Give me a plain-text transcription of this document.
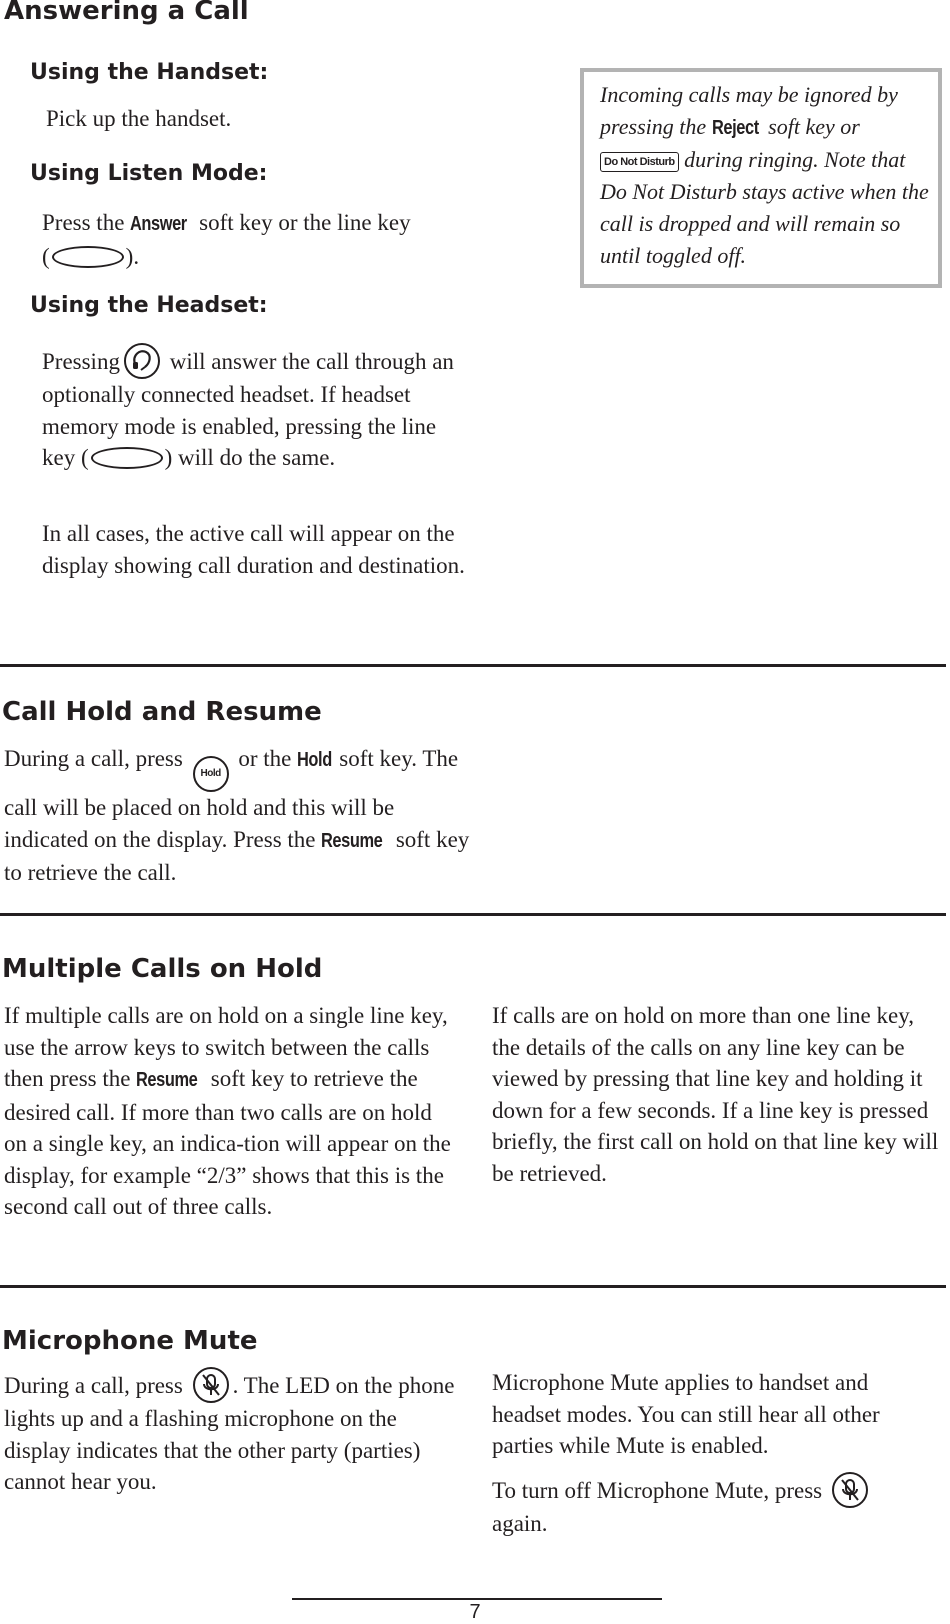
Answering a Call
Using the Handset:

Pick up the handset.

Using Listen Mode:

Press the Answer soft key or the line key
(	).

Using the Headset:

Pressing
will answer the call through an optionally connected headset. If headset memory mode is enabled, pressing the line key (	) will do the same.

In all cases, the active call will appear on the display showing call duration and destination.

Incoming calls may be ignored by pressing the Reject soft key or Do Not Disturb during ringing. Note that Do Not Disturb stays active when the call is dropped and will remain so until toggled off.

Call Hold and Resume

During a call, press Hold or the Hold soft key. The call will be placed on hold and this will be indicated on the display. Press the Resume soft key to retrieve the call.

Multiple Calls on Hold

If multiple calls are on hold on a single line key, use the arrow keys to switch between the calls then press the Resume soft key to retrieve the desired call. If more than two calls are on hold on a single key, an indica-tion will appear on the display, for example “2/3” shows that this is the second call out of three calls.

If calls are on hold on more than one line key, the details of the calls on any line key can be viewed by pressing that line key and holding it down for a few seconds. If a line key is pressed briefly, the first call on hold on that line key will be retrieved.

Microphone Mute

During a call, press
. The LED on the phone lights up and a flashing microphone on the display indicates that the other party (parties) cannot hear you.

Microphone Mute applies to handset and headset modes. You can still hear all other parties while Mute is enabled.

To turn off Microphone Mute, press

again.

7
